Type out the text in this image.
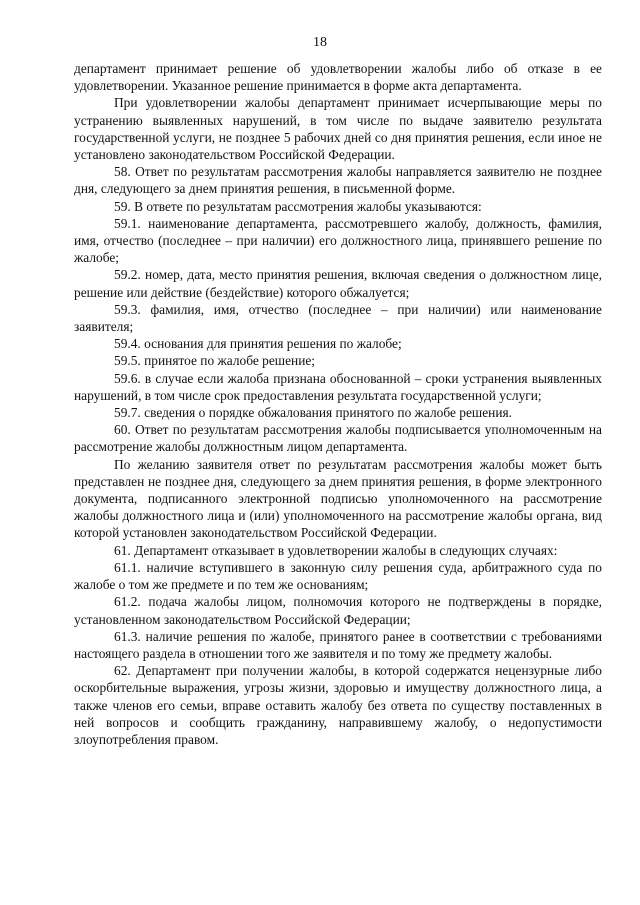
18

департамент принимает решение об удовлетворении жалобы либо об отказе в ее удовлетворении. Указанное решение принимается в форме акта департамента.

При удовлетворении жалобы департамент принимает исчерпывающие меры по устранению выявленных нарушений, в том числе по выдаче заявителю результата государственной услуги, не позднее 5 рабочих дней со дня принятия решения, если иное не установлено законодательством Российской Федерации.

58. Ответ по результатам рассмотрения жалобы направляется заявителю не позднее дня, следующего за днем принятия решения, в письменной форме.

59. В ответе по результатам рассмотрения жалобы указываются:

59.1. наименование департамента, рассмотревшего жалобу, должность, фамилия, имя, отчество (последнее – при наличии) его должностного лица, принявшего решение по жалобе;

59.2. номер, дата, место принятия решения, включая сведения о должностном лице, решение или действие (бездействие) которого обжалуется;

59.3. фамилия, имя, отчество (последнее – при наличии) или наименование заявителя;

59.4. основания для принятия решения по жалобе;

59.5. принятое по жалобе решение;

59.6. в случае если жалоба признана обоснованной – сроки устранения выявленных нарушений, в том числе срок предоставления результата государственной услуги;

59.7. сведения о порядке обжалования принятого по жалобе решения.

60. Ответ по результатам рассмотрения жалобы подписывается уполномоченным на рассмотрение жалобы должностным лицом департамента.

По желанию заявителя ответ по результатам рассмотрения жалобы может быть представлен не позднее дня, следующего за днем принятия решения, в форме электронного документа, подписанного электронной подписью уполномоченного на рассмотрение жалобы должностного лица и (или) уполномоченного на рассмотрение жалобы органа, вид которой установлен законодательством Российской Федерации.

61. Департамент отказывает в удовлетворении жалобы в следующих случаях:

61.1. наличие вступившего в законную силу решения суда, арбитражного суда по жалобе о том же предмете и по тем же основаниям;

61.2. подача жалобы лицом, полномочия которого не подтверждены в порядке, установленном законодательством Российской Федерации;

61.3. наличие решения по жалобе, принятого ранее в соответствии с требованиями настоящего раздела в отношении того же заявителя и по тому же предмету жалобы.

62. Департамент при получении жалобы, в которой содержатся нецензурные либо оскорбительные выражения, угрозы жизни, здоровью и имуществу должностного лица, а также членов его семьи, вправе оставить жалобу без ответа по существу поставленных в ней вопросов и сообщить гражданину, направившему жалобу, о недопустимости злоупотребления правом.
